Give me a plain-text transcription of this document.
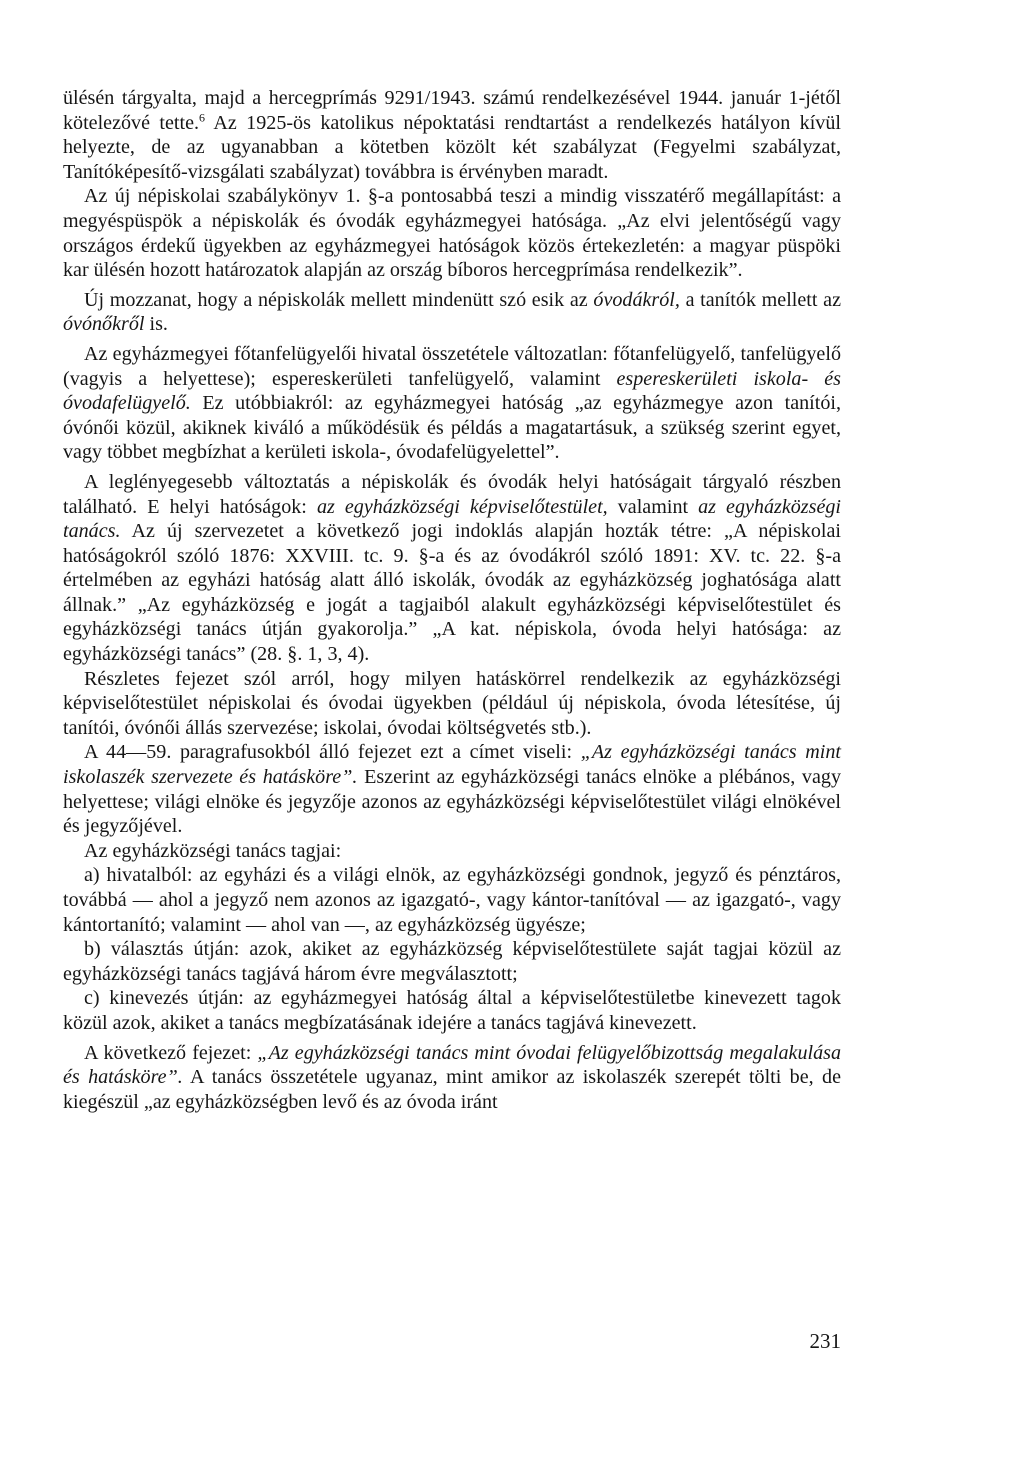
ülésén tárgyalta, majd a hercegprímás 9291/1943. számú rendelkezésével 1944. január 1-jétől kötelezővé tette.$^6$ Az 1925-ös katolikus népoktatási rendtartást a rendelkezés hatályon kívül helyezte, de az ugyanabban a kötetben közölt két szabályzat (Fegyelmi szabályzat, Tanítóképesítő-vizsgálati szabályzat) továbbra is érvényben maradt.

Az új népiskolai szabálykönyv 1. §-a pontosabbá teszi a mindig visszatérő megállapítást: a megyéspüspök a népiskolák és óvodák egyházmegyei hatósága. „Az elvi jelentőségű vagy országos érdekű ügyekben az egyházmegyei hatóságok közös értekezletén: a magyar püspöki kar ülésén hozott határozatok alapján az ország bíboros hercegprímása rendelkezik”.

Új mozzanat, hogy a népiskolák mellett mindenütt szó esik az óvodákról, a tanítók mellett az óvónőkről is.

Az egyházmegyei főtanfelügyelői hivatal összetétele változatlan: főtanfelügyelő, tanfelügyelő (vagyis a helyettese); espereskerületi tanfelügyelő, valamint espereskerületi iskola- és óvodafelügyelő. Ez utóbbiakról: az egyházmegyei hatóság „az egyházmegye azon tanítói, óvónői közül, akiknek kiváló a működésük és példás a magatartásuk, a szükség szerint egyet, vagy többet megbízhat a kerületi iskola-, óvodafelügyelettel”.

A leglényegesebb változtatás a népiskolák és óvodák helyi hatóságait tárgyaló részben található. E helyi hatóságok: az egyházközségi képviselőtestület, valamint az egyházközségi tanács. Az új szervezetet a következő jogi indoklás alapján hozták tétre: „A népiskolai hatóságokról szóló 1876: XXVIII. tc. 9. §-a és az óvodákról szóló 1891: XV. tc. 22. §-a értelmében az egyházi hatóság alatt álló iskolák, óvodák az egyházközség joghatósága alatt állnak.” „Az egyházközség e jogát a tagjaiból alakult egyházközségi képviselőtestület és egyházközségi tanács útján gyakorolja.” „A kat. népiskola, óvoda helyi hatósága: az egyházközségi tanács” (28. §. 1, 3, 4).

Részletes fejezet szól arról, hogy milyen hatáskörrel rendelkezik az egyházközségi képviselőtestület népiskolai és óvodai ügyekben (például új népiskola, óvoda létesítése, új tanítói, óvónői állás szervezése; iskolai, óvodai költségvetés stb.).

A 44—59. paragrafusokból álló fejezet ezt a címet viseli: „Az egyházközségi tanács mint iskolaszék szervezete és hatásköre”. Eszerint az egyházközségi tanács elnöke a plébános, vagy helyettese; világi elnöke és jegyzője azonos az egyházközségi képviselőtestület világi elnökével és jegyzőjével.

Az egyházközségi tanács tagjai:

a) hivatalból: az egyházi és a világi elnök, az egyházközségi gondnok, jegyző és pénztáros, továbbá — ahol a jegyző nem azonos az igazgató-, vagy kántor-tanítóval — az igazgató-, vagy kántortanító; valamint — ahol van —, az egyházközség ügyésze;

b) választás útján: azok, akiket az egyházközség képviselőtestülete saját tagjai közül az egyházközségi tanács tagjává három évre megválasztott;

c) kinevezés útján: az egyházmegyei hatóság által a képviselőtestületbe kinevezett tagok közül azok, akiket a tanács megbízatásának idejére a tanács tagjává kinevezett.

A következő fejezet: „Az egyházközségi tanács mint óvodai felügyelőbizottság megalakulása és hatásköre”. A tanács összetétele ugyanaz, mint amikor az iskolaszék szerepét tölti be, de kiegészül „az egyházközségben levő és az óvoda iránt

231
